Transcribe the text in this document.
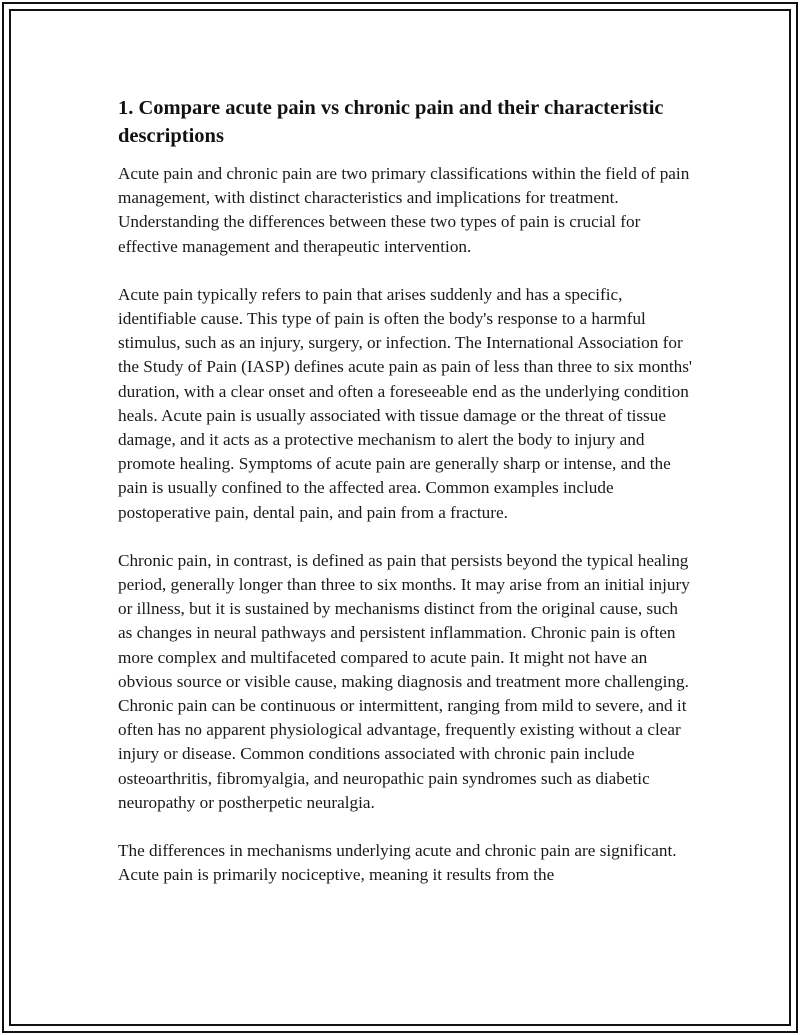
1. Compare acute pain vs chronic pain and their characteristic descriptions

Acute pain and chronic pain are two primary classifications within the field of pain management, with distinct characteristics and implications for treatment. Understanding the differences between these two types of pain is crucial for effective management and therapeutic intervention.

Acute pain typically refers to pain that arises suddenly and has a specific, identifiable cause. This type of pain is often the body's response to a harmful stimulus, such as an injury, surgery, or infection. The International Association for the Study of Pain (IASP) defines acute pain as pain of less than three to six months' duration, with a clear onset and often a foreseeable end as the underlying condition heals. Acute pain is usually associated with tissue damage or the threat of tissue damage, and it acts as a protective mechanism to alert the body to injury and promote healing. Symptoms of acute pain are generally sharp or intense, and the pain is usually confined to the affected area. Common examples include postoperative pain, dental pain, and pain from a fracture.

Chronic pain, in contrast, is defined as pain that persists beyond the typical healing period, generally longer than three to six months. It may arise from an initial injury or illness, but it is sustained by mechanisms distinct from the original cause, such as changes in neural pathways and persistent inflammation. Chronic pain is often more complex and multifaceted compared to acute pain. It might not have an obvious source or visible cause, making diagnosis and treatment more challenging. Chronic pain can be continuous or intermittent, ranging from mild to severe, and it often has no apparent physiological advantage, frequently existing without a clear injury or disease. Common conditions associated with chronic pain include osteoarthritis, fibromyalgia, and neuropathic pain syndromes such as diabetic neuropathy or postherpetic neuralgia.

The differences in mechanisms underlying acute and chronic pain are significant. Acute pain is primarily nociceptive, meaning it results from the
